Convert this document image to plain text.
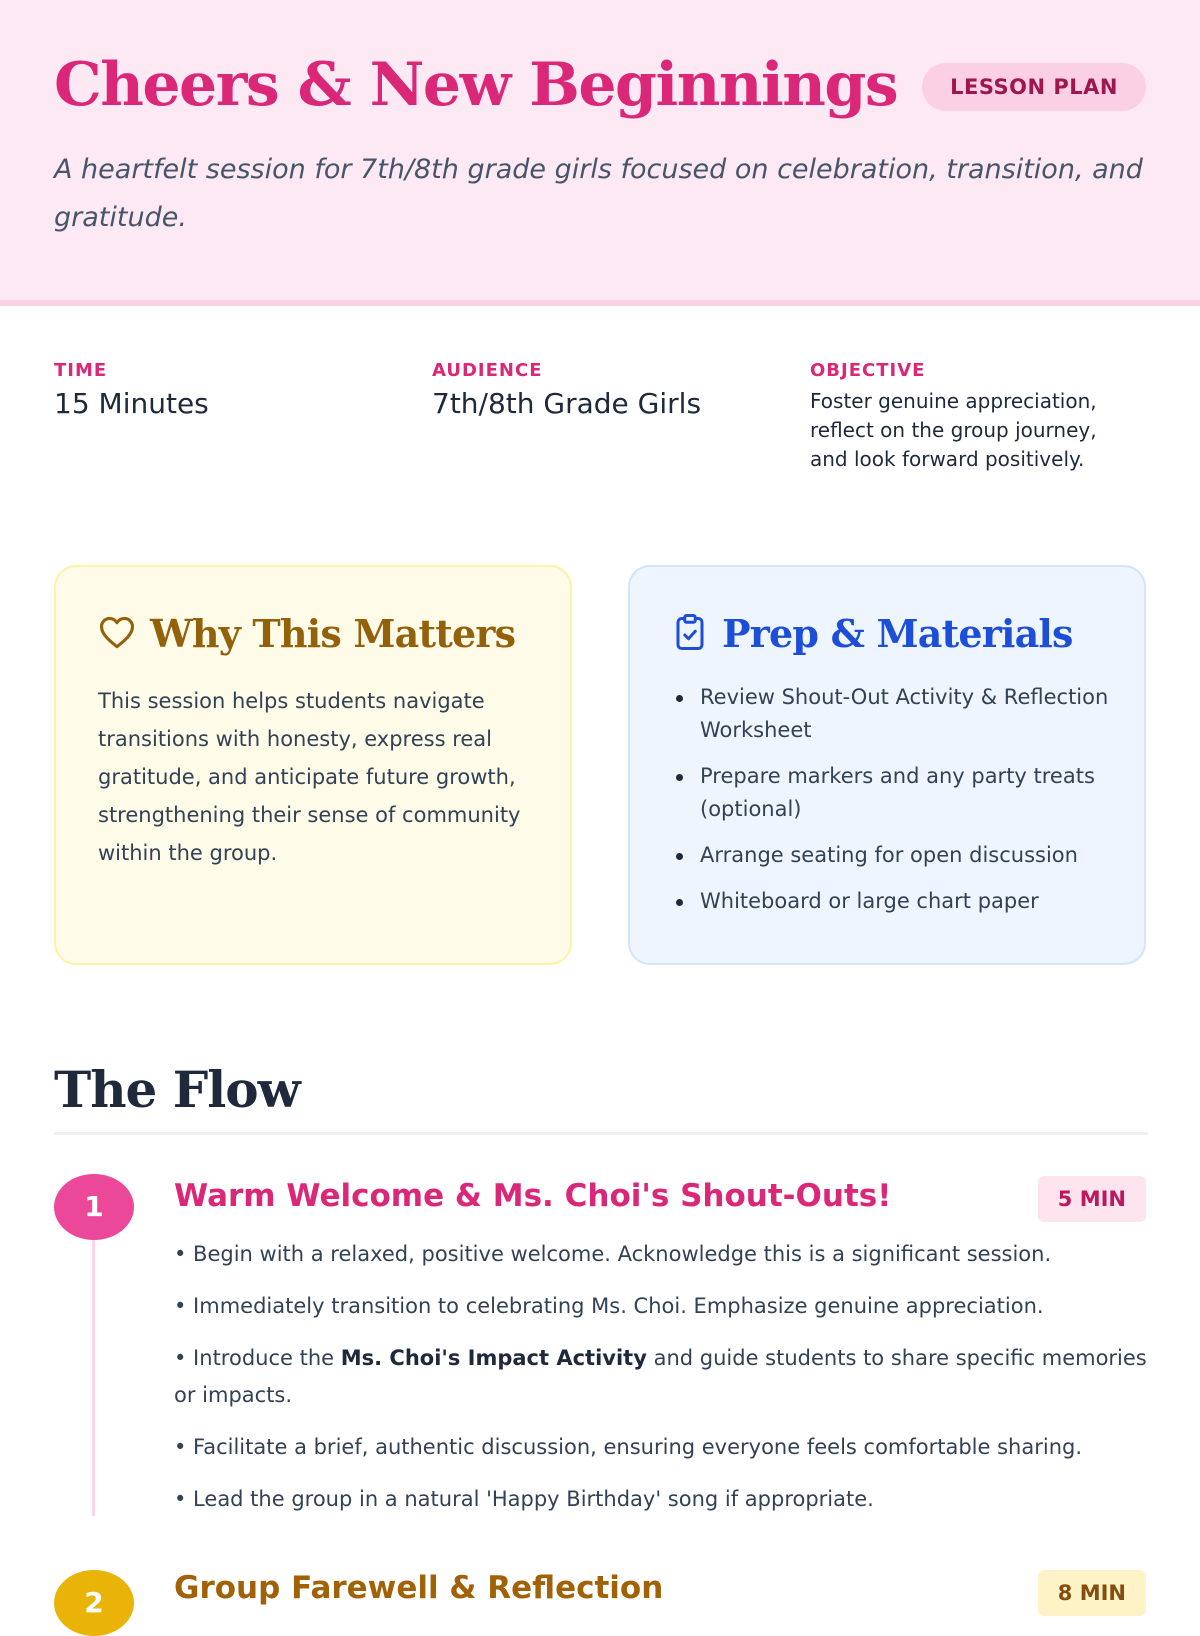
Cheers & New Beginnings	LESSON PLAN

A heartfelt session for 7th/8th grade girls focused on celebration, transition, and gratitude.

TIME
15 Minutes
AUDIENCE
7th/8th Grade Girls
OBJECTIVE
Foster genuine appreciation, reflect on the group journey, and look forward positively.
Why This Matters

This session helps students navigate transitions with honesty, express real gratitude, and anticipate future growth, strengthening their sense of community within the group.

Prep & Materials
Review Shout-Out Activity & Reflection Worksheet
Prepare markers and any party treats (optional)
Arrange seating for open discussion
Whiteboard or large chart paper
The Flow
1	Warm Welcome & Ms. Choi's Shout-Outs!	5 MIN
• Begin with a relaxed, positive welcome. Acknowledge this is a significant session.
• Immediately transition to celebrating Ms. Choi. Emphasize genuine appreciation.
• Introduce the Ms. Choi's Impact Activity and guide students to share specific memories or impacts.
• Facilitate a brief, authentic discussion, ensuring everyone feels comfortable sharing.
• Lead the group in a natural 'Happy Birthday' song if appropriate.
2	Group Farewell & Reflection	8 MIN
